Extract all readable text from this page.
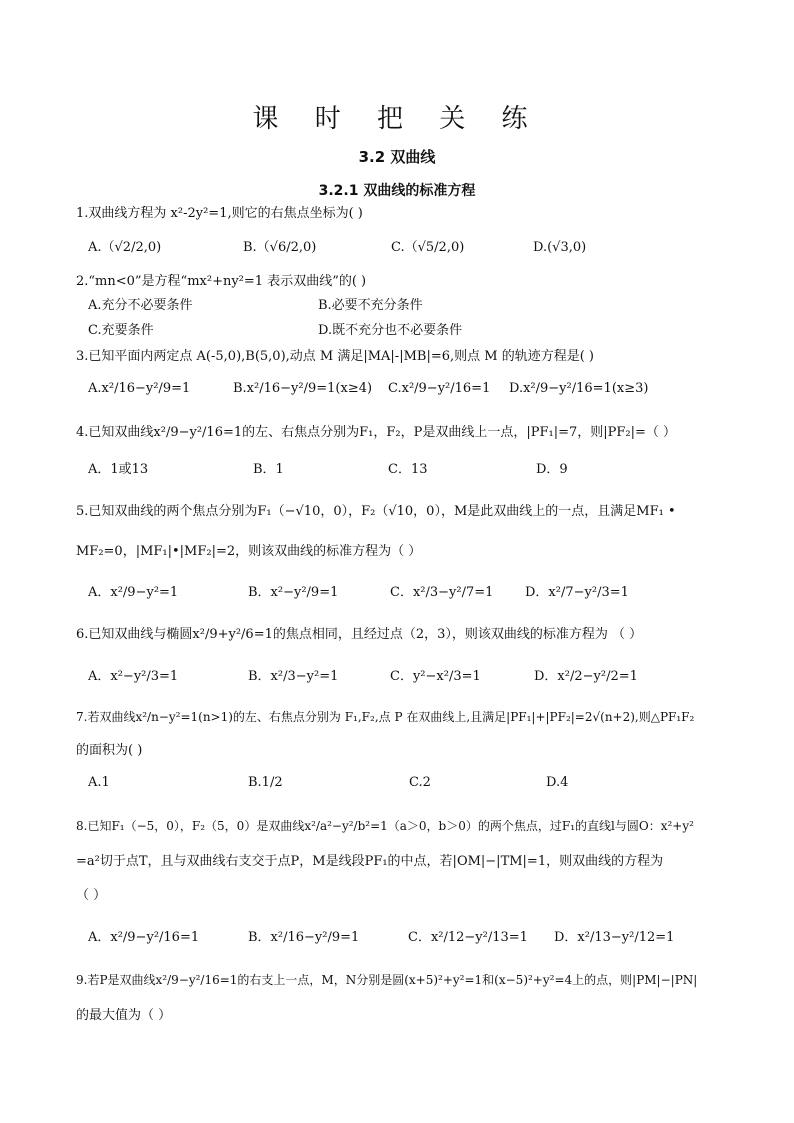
课 时 把 关 练
3.2 双曲线
3.2.1 双曲线的标准方程
1.双曲线方程为 x²-2y²=1,则它的右焦点坐标为( )
A.（√2/2,0)	B.（√6/2,0)	C.（√5/2,0)	D.(√3,0)
2.“mn<0”是方程“mx²+ny²=1 表示双曲线”的( )
A.充分不必要条件	B.必要不充分条件
C.充要条件	D.既不充分也不必要条件
3.已知平面内两定点 A(-5,0),B(5,0),动点 M 满足|MA|-|MB|=6,则点 M 的轨迹方程是( )
A.x²/16−y²/9=1	B.x²/16−y²/9=1(x≥4) C.x²/9−y²/16=1 D.x²/9−y²/16=1(x≥3)
4.已知双曲线x²/9−y²/16=1的左、右焦点分别为F₁，F₂，P是双曲线上一点，|PF₁|=7，则|PF₂|=（ ）
A．1或13	B．1	C．13	D．9
5.已知双曲线的两个焦点分别为F₁（−√10，0），F₂（√10，0），M是此双曲线上的一点，且满足MF₁ •
MF₂=0，|MF₁|•|MF₂|=2，则该双曲线的标准方程为（ ）
A．x²/9−y²=1	B．x²−y²/9=1	C．x²/3−y²/7=1 D．x²/7−y²/3=1
6.已知双曲线与椭圆x²/9+y²/6=1的焦点相同，且经过点（2，3），则该双曲线的标准方程为 （ ）
A．x²−y²/3=1	B．x²/3−y²=1	C．y²−x²/3=1	D．x²/2−y²/2=1
7.若双曲线x²/n−y²=1(n>1)的左、右焦点分别为 F₁,F₂,点 P 在双曲线上,且满足|PF₁|+|PF₂|=2√(n+2),则△PF₁F₂
的面积为( )
A.1	B.1/2	C.2	D.4
8.已知F₁（−5，0），F₂（5，0）是双曲线x²/a²−y²/b²=1（a＞0，b＞0）的两个焦点，过F₁的直线l与圆O：x²+y²
=a²切于点T，且与双曲线右支交于点P，M是线段PF₁的中点，若|OM|−|TM|=1，则双曲线的方程为
（ ）
A．x²/9−y²/16=1	B．x²/16−y²/9=1	C．x²/12−y²/13=1 D．x²/13−y²/12=1
9.若P是双曲线x²/9−y²/16=1的右支上一点，M，N分别是圆(x+5)²+y²=1和(x−5)²+y²=4上的点，则|PM|−|PN|
的最大值为（ ）
